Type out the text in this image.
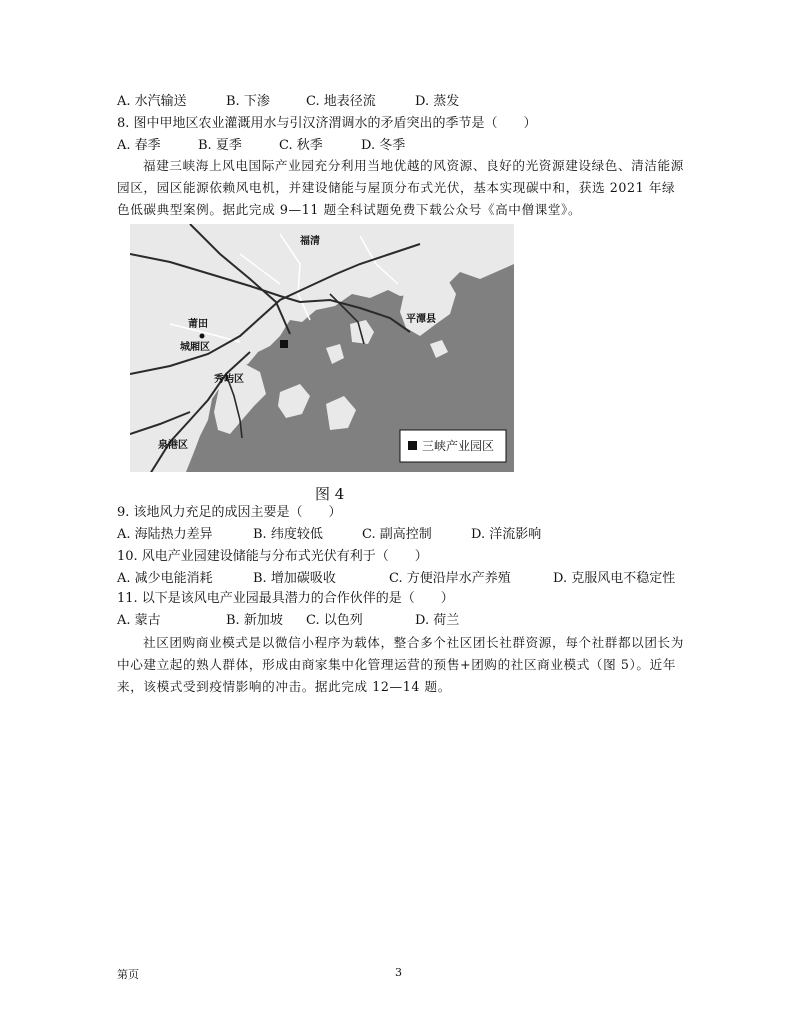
A. 水汽输送	B. 下渗	C. 地表径流	D. 蒸发
8. 图中甲地区农业灌溉用水与引汉济渭调水的矛盾突出的季节是（　　）
A. 春季	B. 夏季	C. 秋季	D. 冬季
福建三峡海上风电国际产业园充分利用当地优越的风资源、良好的光资源建设绿色、清洁能源园区，园区能源依赖风电机，并建设储能与屋顶分布式光伏，基本实现碳中和，获选 2021 年绿色低碳典型案例。据此完成 9—11 题全科试题免费下载公众号《高中僧课堂》。
福清
平潭县
莆田
城厢区
秀屿区
泉港区	三峡产业园区
图 4
9. 该地风力充足的成因主要是（　　）
A. 海陆热力差异	B. 纬度较低	C. 副高控制	D. 洋流影响
10. 风电产业园建设储能与分布式光伏有利于（　　）
A. 减少电能消耗	B. 增加碳吸收	C. 方便沿岸水产养殖	D. 克服风电不稳定性
11. 以下是该风电产业园最具潜力的合作伙伴的是（　　）
A. 蒙古	B. 新加坡 C. 以色列	D. 荷兰
社区团购商业模式是以微信小程序为载体，整合多个社区团长社群资源，每个社群都以团长为中心建立起的熟人群体，形成由商家集中化管理运营的预售+团购的社区商业模式（图 5）。近年来，该模式受到疫情影响的冲击。据此完成 12—14 题。
第页	3
